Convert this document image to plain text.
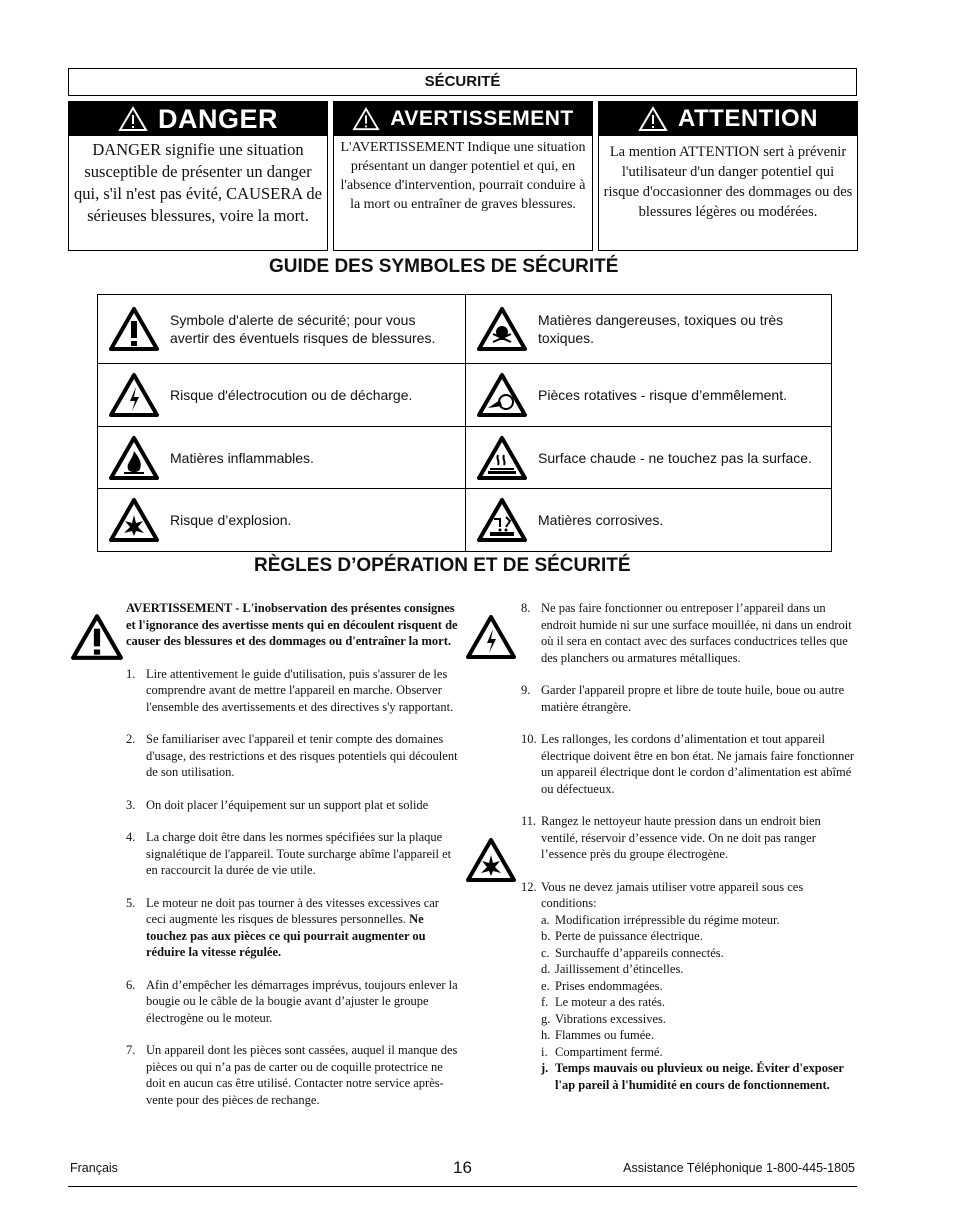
SÉCURITÉ
DANGER
DANGER signifie une situation susceptible de présenter un danger qui, s'il n'est pas évité, CAUSERA de sérieuses blessures, voire la mort.
AVERTISSEMENT
L'AVERTISSEMENT Indique une situation présentant un danger potentiel et qui, en l'absence d'intervention, pourrait conduire à la mort ou entraîner de graves blessures.
ATTENTION
La mention ATTENTION sert à prévenir l'utilisateur d'un danger potentiel qui risque d'occasionner des dommages ou des blessures légères ou modérées.
GUIDE DES SYMBOLES DE SÉCURITÉ
Symbole d'alerte de sécurité; pour vous avertir des éventuels risques de blessures.	Matières dangereuses, toxiques ou très toxiques.

Risque d'électrocution ou de décharge.	Pièces rotatives - risque d’emmêlement.

Matières inflammables.	Surface chaude - ne touchez pas la surface.

Risque d’explosion.	Matières corrosives.
RÈGLES D’OPÉRATION ET DE SÉCURITÉ
AVERTISSEMENT - L'inobservation des présentes consignes et l'ignorance des avertisse ments qui en découlent risquent de causer des blessures et des dommages ou d'entraîner la mort.
1. Lire attentivement le guide d'utilisation, puis s'assurer de les comprendre avant de mettre l'appareil en marche. Observer l'ensemble des avertissements et des directives s'y rapportant.
2. Se familiariser avec l'appareil et tenir compte des domaines d'usage, des restrictions et des risques potentiels qui découlent de son utilisation.
3. On doit placer l’équipement sur un support plat et solide
4. La charge doit être dans les normes spécifiées sur la plaque signalétique de l'appareil. Toute surcharge abîme l'appareil et en raccourcit la durée de vie utile.
5. Le moteur ne doit pas tourner à des vitesses excessives car ceci augmente les risques de blessures personnelles. Ne touchez pas aux pièces ce qui pourrait augmenter ou réduire la vitesse régulée.
6. Afin d’empêcher les démarrages imprévus, toujours enlever la bougie ou le câble de la bougie avant d’ajuster le groupe électrogène ou le moteur.
7. Un appareil dont les pièces sont cassées, auquel il manque des pièces ou qui n’a pas de carter ou de coquille protectrice ne doit en aucun cas être utilisé. Contacter notre service après-vente pour des pièces de rechange.
8. Ne pas faire fonctionner ou entreposer l’appareil dans un endroit humide ni sur une surface mouillée, ni dans un endroit où il sera en contact avec des surfaces conductrices telles que des planchers ou armatures métalliques.
9. Garder l'appareil propre et libre de toute huile, boue ou autre matière étrangère.
10. Les rallonges, les cordons d’alimentation et tout appareil électrique doivent être en bon état. Ne jamais faire fonctionner un appareil électrique dont le cordon d’alimentation est abîmé ou défectueux.
11. Rangez le nettoyeur haute pression dans un endroit bien ventilé, réservoir d’essence vide. On ne doit pas ranger l’essence près du groupe électrogène.
12. Vous ne devez jamais utiliser votre appareil sous ces conditions:
a. Modification irrépressible du régime moteur.
b. Perte de puissance électrique.
c. Surchauffe d’appareils connectés.
d. Jaillissement d’étincelles.
e. Prises endommagées.
f. Le moteur a des ratés.
g. Vibrations excessives.
h. Flammes ou fumée.
i. Compartiment fermé.
j. Temps mauvais ou pluvieux ou neige. Éviter d'exposer l'ap pareil à l'humidité en cours de fonctionnement.
Français	16	Assistance Téléphonique 1-800-445-1805
